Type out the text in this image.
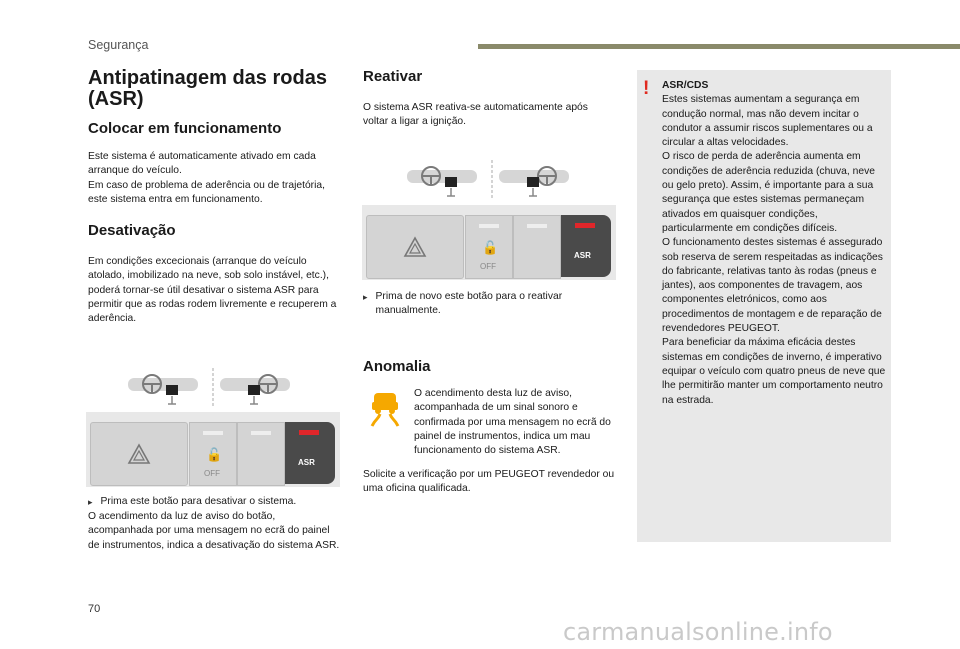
Segurança
Antipatinagem das rodas (ASR)
Colocar em funcionamento

Este sistema é automaticamente ativado em cada arranque do veículo.
Em caso de problema de aderência ou de trajetória, este sistema entra em funcionamento.

Desativação

Em condições excecionais (arranque do veículo atolado, imobilizado na neve, sob solo instável, etc.), poderá tornar-se útil desativar o sistema ASR para permitir que as rodas rodem livremente e recuperem a aderência.

🔓
OFF
ASR
▸ Prima este botão para desativar o sistema.

O acendimento da luz de aviso do botão, acompanhada por uma mensagem no ecrã do painel de instrumentos, indica a desativação do sistema ASR.

Reativar

O sistema ASR reativa-se automaticamente após voltar a ligar a ignição.

🔓
OFF
ASR
▸ Prima de novo este botão para o reativar manualmente.
Anomalia

O acendimento desta luz de aviso, acompanhada de um sinal sonoro e confirmada por uma mensagem no ecrã do painel de instrumentos, indica um mau funcionamento do sistema ASR.

Solicite a verificação por um PEUGEOT revendedor ou uma oficina qualificada.

!	ASR/CDS

Estes sistemas aumentam a segurança em condução normal, mas não devem incitar o condutor a assumir riscos suplementares ou a circular a altas velocidades.
O risco de perda de aderência aumenta em condições de aderência reduzida (chuva, neve ou gelo preto). Assim, é importante para a sua segurança que estes sistemas permaneçam ativados em quaisquer condições, particularmente em condições difíceis.
O funcionamento destes sistemas é assegurado sob reserva de serem respeitadas as indicações do fabricante, relativas tanto às rodas (pneus e jantes), aos componentes de travagem, aos componentes eletrónicos, como aos procedimentos de montagem e de reparação de revendedores PEUGEOT.
Para beneficiar da máxima eficácia destes sistemas em condições de inverno, é imperativo equipar o veículo com quatro pneus de neve que lhe permitirão manter um comportamento neutro na estrada.

70
carmanualsonline.info
